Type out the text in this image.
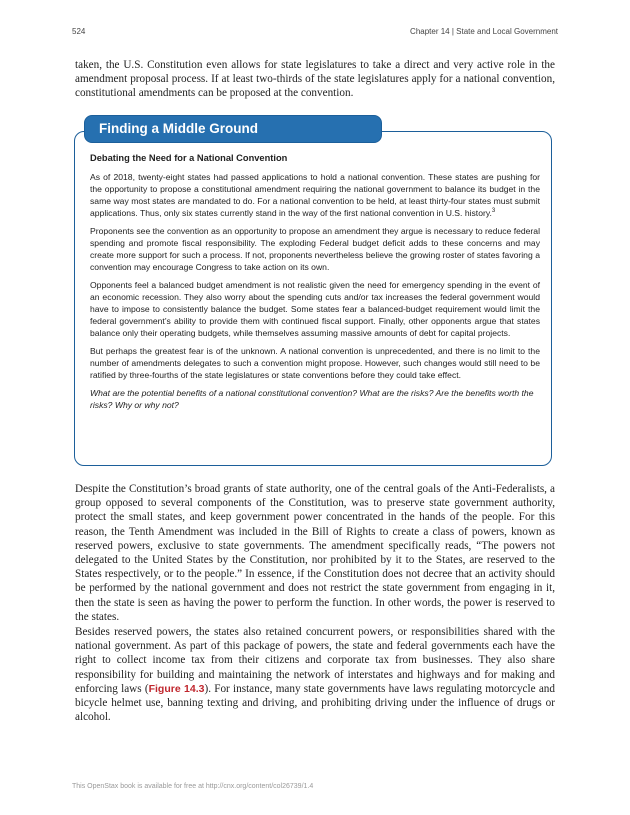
524	Chapter 14 | State and Local Government

taken, the U.S. Constitution even allows for state legislatures to take a direct and very active role in the amendment proposal process. If at least two-thirds of the state legislatures apply for a national convention, constitutional amendments can be proposed at the convention.

Finding a Middle Ground

Debating the Need for a National Convention

As of 2018, twenty-eight states had passed applications to hold a national convention. These states are pushing for the opportunity to propose a constitutional amendment requiring the national government to balance its budget in the same way most states are mandated to do. For a national convention to be held, at least thirty-four states must submit applications. Thus, only six states currently stand in the way of the first national convention in U.S. history.$^3$

Proponents see the convention as an opportunity to propose an amendment they argue is necessary to reduce federal spending and promote fiscal responsibility. The exploding Federal budget deficit adds to these concerns and may create more support for such a process. If not, proponents nevertheless believe the growing roster of states favoring a convention may encourage Congress to take action on its own.

Opponents feel a balanced budget amendment is not realistic given the need for emergency spending in the event of an economic recession. They also worry about the spending cuts and/or tax increases the federal government would have to impose to consistently balance the budget. Some states fear a balanced-budget requirement would limit the federal government’s ability to provide them with continued fiscal support. Finally, other opponents argue that states balance only their operating budgets, while themselves assuming massive amounts of debt for capital projects.

But perhaps the greatest fear is of the unknown. A national convention is unprecedented, and there is no limit to the number of amendments delegates to such a convention might propose. However, such changes would still need to be ratified by three-fourths of the state legislatures or state conventions before they could take effect.

What are the potential benefits of a national constitutional convention? What are the risks? Are the benefits worth the risks? Why or why not?

Despite the Constitution’s broad grants of state authority, one of the central goals of the Anti-Federalists, a group opposed to several components of the Constitution, was to preserve state government authority, protect the small states, and keep government power concentrated in the hands of the people. For this reason, the Tenth Amendment was included in the Bill of Rights to create a class of powers, known as reserved powers, exclusive to state governments. The amendment specifically reads, “The powers not delegated to the United States by the Constitution, nor prohibited by it to the States, are reserved to the States respectively, or to the people.” In essence, if the Constitution does not decree that an activity should be performed by the national government and does not restrict the state government from engaging in it, then the state is seen as having the power to perform the function. In other words, the power is reserved to the states.

Besides reserved powers, the states also retained concurrent powers, or responsibilities shared with the national government. As part of this package of powers, the state and federal governments each have the right to collect income tax from their citizens and corporate tax from businesses. They also share responsibility for building and maintaining the network of interstates and highways and for making and enforcing laws (Figure 14.3). For instance, many state governments have laws regulating motorcycle and bicycle helmet use, banning texting and driving, and prohibiting driving under the influence of drugs or alcohol.

This OpenStax book is available for free at http://cnx.org/content/col26739/1.4
